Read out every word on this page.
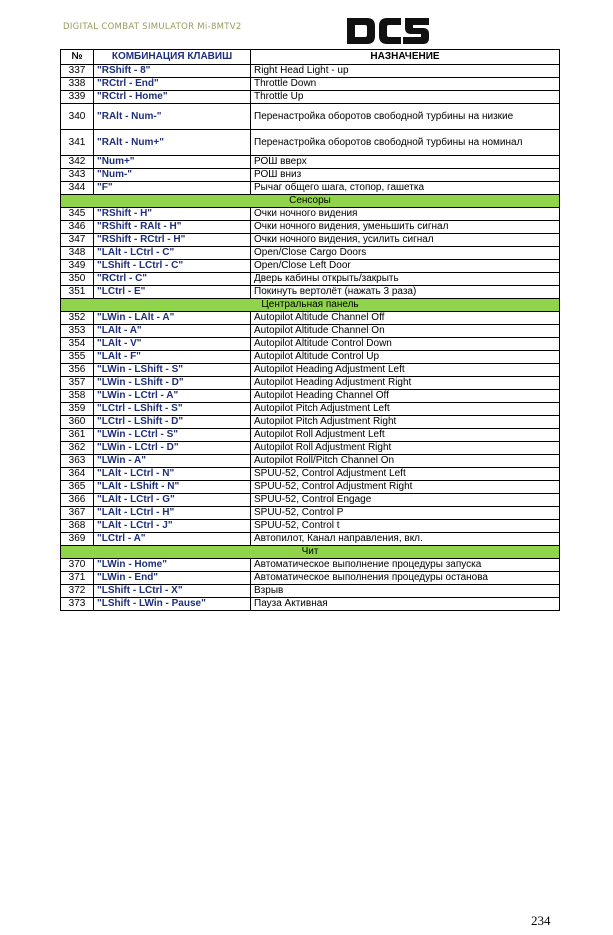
DIGITAL COMBAT SIMULATOR Mi-8MTV2
№	КОМБИНАЦИЯ КЛАВИШ	НАЗНАЧЕНИЕ
337	"RShift - 8"	Right Head Light - up
338	"RCtrl - End"	Throttle Down
339	"RCtrl - Home"	Throttle Up
340	"RAlt - Num-"	Перенастройка оборотов свободной турбины на низкие
341	"RAlt - Num+"	Перенастройка оборотов свободной турбины на номинал
342	"Num+"	РОШ вверх
343	"Num-"	РОШ вниз
344	"F"	Рычаг общего шага, стопор, гашетка
Сенсоры		
345	"RShift - H"	Очки ночного видения
346	"RShift - RAlt - H"	Очки ночного видения, уменьшить сигнал
347	"RShift - RCtrl - H"	Очки ночного видения, усилить сигнал
348	"LAlt - LCtrl - C"	Open/Close Cargo Doors
349	"LShift - LCtrl - C"	Open/Close Left Door
350	"RCtrl - C"	Дверь кабины открыть/закрыть
351	"LCtrl - E"	Покинуть вертолёт (нажать 3 раза)
Центральная панель		
352	"LWin - LAlt - A"	Autopilot Altitude Channel Off
353	"LAlt - A"	Autopilot Altitude Channel On
354	"LAlt - V"	Autopilot Altitude Control Down
355	"LAlt - F"	Autopilot Altitude Control Up
356	"LWin - LShift - S"	Autopilot Heading Adjustment Left
357	"LWin - LShift - D"	Autopilot Heading Adjustment Right
358	"LWin - LCtrl - A"	Autopilot Heading Channel Off
359	"LCtrl - LShift - S"	Autopilot Pitch Adjustment Left
360	"LCtrl - LShift - D"	Autopilot Pitch Adjustment Right
361	"LWin - LCtrl - S"	Autopilot Roll Adjustment Left
362	"LWin - LCtrl - D"	Autopilot Roll Adjustment Right
363	"LWin - A"	Autopilot Roll/Pitch Channel On
364	"LAlt - LCtrl - N"	SPUU-52, Control Adjustment Left
365	"LAlt - LShift - N"	SPUU-52, Control Adjustment Right
366	"LAlt - LCtrl - G"	SPUU-52, Control Engage
367	"LAlt - LCtrl - H"	SPUU-52, Control P
368	"LAlt - LCtrl - J"	SPUU-52, Control t
369	"LCtrl - A"	Автопилот, Канал направления, вкл.
Чит		
370	"LWin - Home"	Автоматическое выполнение процедуры запуска
371	"LWin - End"	Автоматическое выполнения процедуры останова
372	"LShift - LCtrl - X"	Взрыв
373	"LShift - LWin - Pause"	Пауза Активная
234
